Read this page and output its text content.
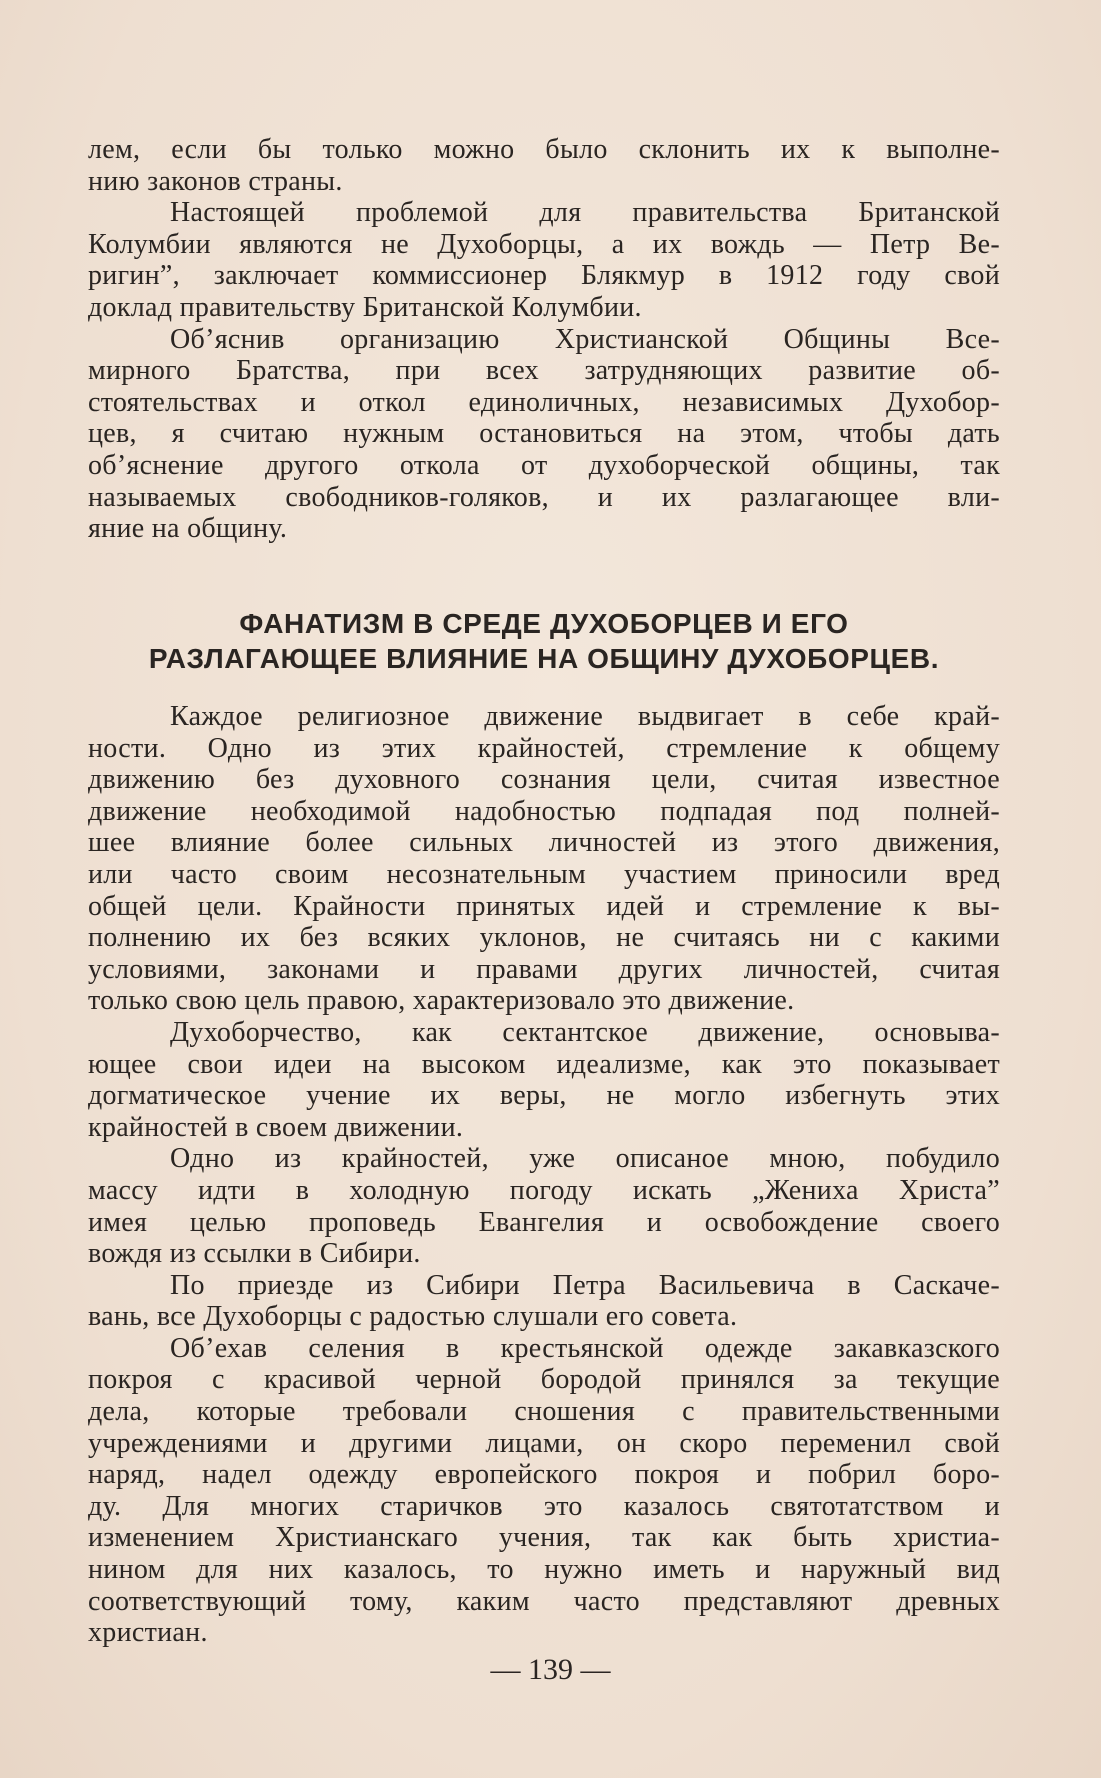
лем, если бы только можно было склонить их к выполне-
нию законов страны.
Настоящей проблемой для правительства Британской
Колумбии являются не Духоборцы, а их вождь — Петр Ве-
ригин”, заключает коммиссионер Блякмур в 1912 году свой
доклад правительству Британской Колумбии.
Об’яснив организацию Христианской Общины Все-
мирного Братства, при всех затрудняющих развитие об-
стоятельствах и откол единоличных, независимых Духобор-
цев, я считаю нужным остановиться на этом, чтобы дать
об’яснение другого откола от духоборческой общины, так
называемых свободников-голяков, и их разлагающее вли-
яние на общину.
ФАНАТИЗМ В СРЕДЕ ДУХОБОРЦЕВ И ЕГО
РАЗЛАГАЮЩЕЕ ВЛИЯНИЕ НА ОБЩИНУ ДУХОБОРЦЕВ.
Каждое религиозное движение выдвигает в себе край-
ности. Одно из этих крайностей, стремление к общему
движению без духовного сознания цели, считая известное
движение необходимой надобностью подпадая под полней-
шее влияние более сильных личностей из этого движения,
или часто своим несознательным участием приносили вред
общей цели. Крайности принятых идей и стремление к вы-
полнению их без всяких уклонов, не считаясь ни с какими
условиями, законами и правами других личностей, считая
только свою цель правою, характеризовало это движение.
Духоборчество, как сектантское движение, основыва-
ющее свои идеи на высоком идеализме, как это показывает
догматическое учение их веры, не могло избегнуть этих
крайностей в своем движении.
Одно из крайностей, уже описаное мною, побудило
массу идти в холодную погоду искать „Жениха Христа”
имея целью проповедь Евангелия и освобождение своего
вождя из ссылки в Сибири.
По приезде из Сибири Петра Васильевича в Саскаче-
вань, все Духоборцы с радостью слушали его совета.
Об’ехав селения в крестьянской одежде закавказского
покроя с красивой черной бородой принялся за текущие
дела, которые требовали сношения с правительственными
учреждениями и другими лицами, он скоро переменил свой
наряд, надел одежду европейского покроя и побрил боро-
ду. Для многих старичков это казалось святотатством и
изменением Христианскаго учения, так как быть христиа-
нином для них казалось, то нужно иметь и наружный вид
соответствующий тому, каким часто представляют древных
христиан.
— 139 —
